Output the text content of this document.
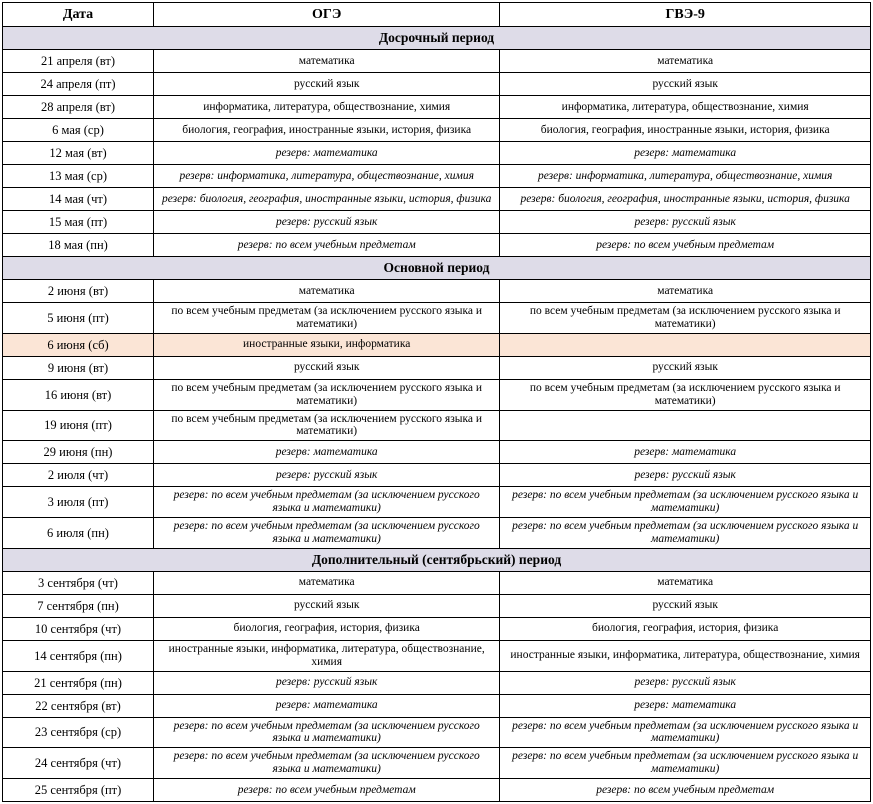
Дата	ОГЭ	ГВЭ-9
Досрочный период		
21 апреля (вт)	математика	математика
24 апреля (пт)	русский язык	русский язык
28 апреля (вт)	информатика, литература, обществознание, химия	информатика, литература, обществознание, химия
6 мая (ср)	биология, география, иностранные языки, история, физика	биология, география, иностранные языки, история, физика
12 мая (вт)	резерв: математика	резерв: математика
13 мая (ср)	резерв: информатика, литература, обществознание, химия	резерв: информатика, литература, обществознание, химия
14 мая (чт)	резерв: биология, география, иностранные языки, история, физика	резерв: биология, география, иностранные языки, история, физика
15 мая (пт)	резерв: русский язык	резерв: русский язык
18 мая (пн)	резерв: по всем учебным предметам	резерв: по всем учебным предметам
Основной период		
2 июня (вт)	математика	математика
5 июня (пт)	по всем учебным предметам (за исключением русского языка и математики)	по всем учебным предметам (за исключением русского языка и математики)
6 июня (сб)	иностранные языки, информатика	
9 июня (вт)	русский язык	русский язык
16 июня (вт)	по всем учебным предметам (за исключением русского языка и математики)	по всем учебным предметам (за исключением русского языка и математики)
19 июня (пт)	по всем учебным предметам (за исключением русского языка и математики)	
29 июня (пн)	резерв: математика	резерв: математика
2 июля (чт)	резерв: русский язык	резерв: русский язык
3 июля (пт)	резерв: по всем учебным предметам (за исключением русского языка и математики)	резерв: по всем учебным предметам (за исключением русского языка и математики)
6 июля (пн)	резерв: по всем учебным предметам (за исключением русского языка и математики)	резерв: по всем учебным предметам (за исключением русского языка и математики)
Дополнительный (сентябрьский) период		
3 сентября (чт)	математика	математика
7 сентября (пн)	русский язык	русский язык
10 сентября (чт)	биология, география, история, физика	биология, география, история, физика
14 сентября (пн)	иностранные языки, информатика, литература, обществознание, химия	иностранные языки, информатика, литература, обществознание, химия
21 сентября (пн)	резерв: русский язык	резерв: русский язык
22 сентября (вт)	резерв: математика	резерв: математика
23 сентября (ср)	резерв: по всем учебным предметам (за исключением русского языка и математики)	резерв: по всем учебным предметам (за исключением русского языка и математики)
24 сентября (чт)	резерв: по всем учебным предметам (за исключением русского языка и математики)	резерв: по всем учебным предметам (за исключением русского языка и математики)
25 сентября (пт)	резерв: по всем учебным предметам	резерв: по всем учебным предметам
